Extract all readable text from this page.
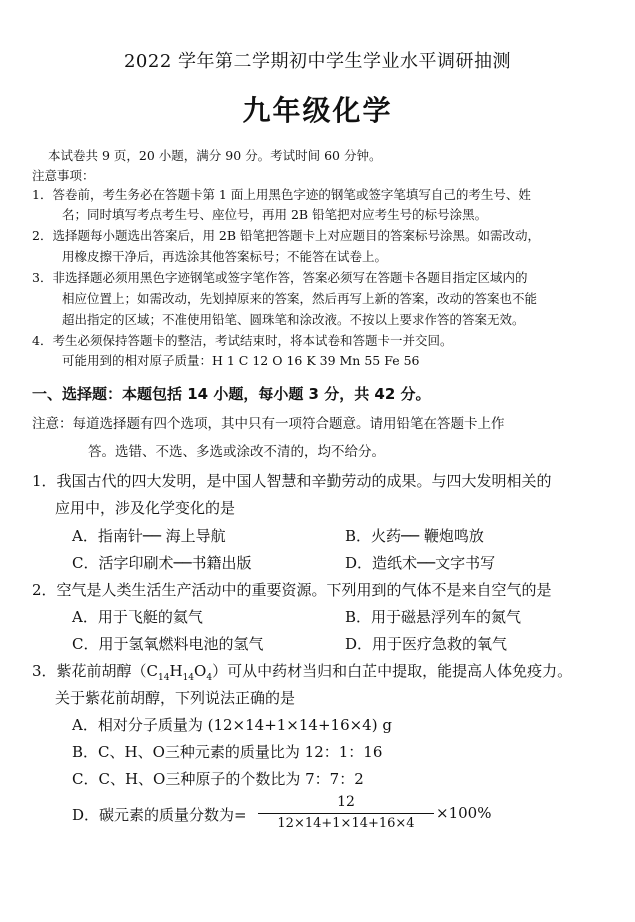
2022 学年第二学期初中学生学业水平调研抽测
九年级化学
本试卷共 9 页，20 小题，满分 90 分。考试时间 60 分钟。
注意事项：
1．答卷前，考生务必在答题卡第 1 面上用黑色字迹的钢笔或签字笔填写自己的考生号、姓
名；同时填写考点考生号、座位号，再用 2B 铅笔把对应考生号的标号涂黑。
2．选择题每小题选出答案后，用 2B 铅笔把答题卡上对应题目的答案标号涂黑。如需改动，
用橡皮擦干净后，再选涂其他答案标号；不能答在试卷上。
3．非选择题必须用黑色字迹钢笔或签字笔作答，答案必须写在答题卡各题目指定区域内的
相应位置上；如需改动，先划掉原来的答案，然后再写上新的答案，改动的答案也不能
超出指定的区域；不准使用铅笔、圆珠笔和涂改液。不按以上要求作答的答案无效。
4．考生必须保持答题卡的整洁，考试结束时，将本试卷和答题卡一并交回。
可能用到的相对原子质量：H 1 C 12 O 16 K 39 Mn 55 Fe 56
一、选择题：本题包括 14 小题，每小题 3 分，共 42 分。
注意：每道选择题有四个选项，其中只有一项符合题意。请用铅笔在答题卡上作
答。选错、不选、多选或涂改不清的，均不给分。
1．我国古代的四大发明，是中国人智慧和辛勤劳动的成果。与四大发明相关的
应用中，涉及化学变化的是
A．指南针── 海上导航	B．火药── 鞭炮鸣放
C．活字印刷术──书籍出版	D．造纸术──文字书写
2．空气是人类生活生产活动中的重要资源。下列用到的气体不是来自空气的是
A．用于飞艇的氦气	B．用于磁悬浮列车的氮气
C．用于氢氧燃料电池的氢气	D．用于医疗急救的氧气
3．紫花前胡醇$(C_{14}H_{14}O_4)$可从中药材当归和白芷中提取，能提高人体免疫力。
关于紫花前胡醇，下列说法正确的是
A．相对分子质量为 (12×14+1×14+16×4) g
B．C、H、O三种元素的质量比为 12：1：16
C．C、H、O三种原子的个数比为 7：7：2
D．碳元素的质量分数为=
12
12×14+1×14+16×4
×100%
